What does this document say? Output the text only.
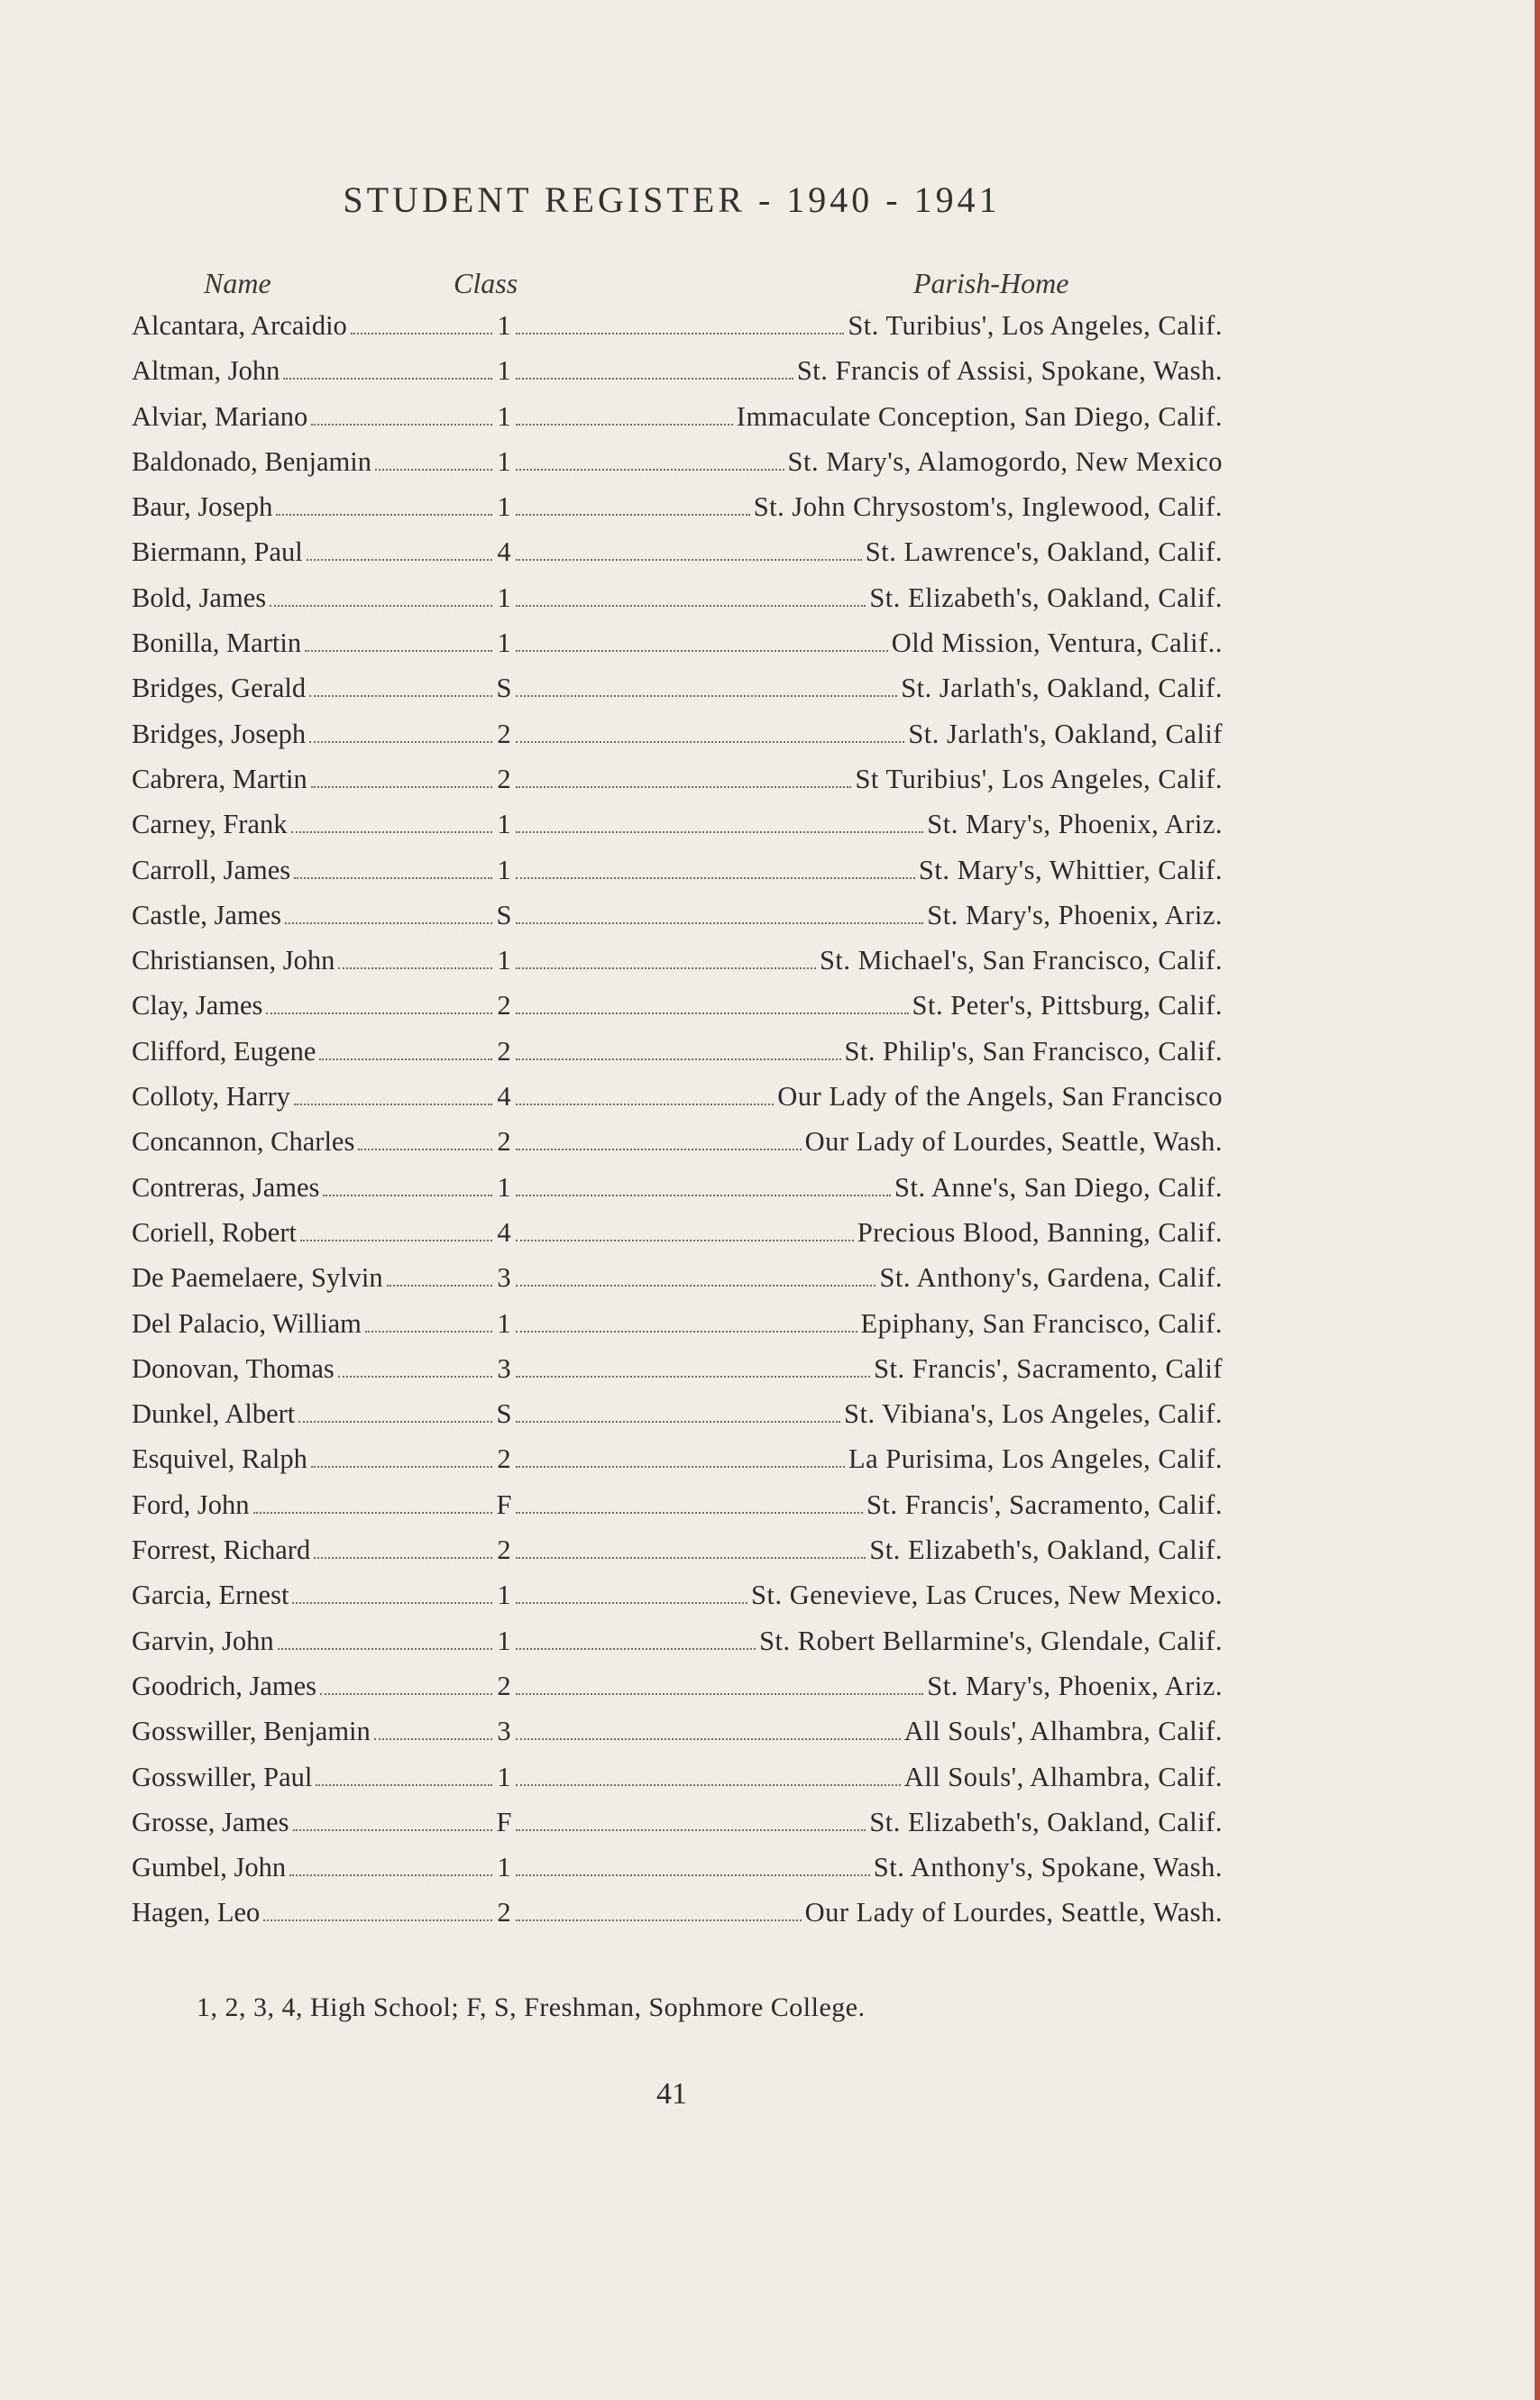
STUDENT REGISTER - 1940 - 1941
Name	Class	Parish-Home
Alcantara, Arcaidio	1	St. Turibius', Los Angeles, Calif.
Altman, John	1	St. Francis of Assisi, Spokane, Wash.
Alviar, Mariano	1	Immaculate Conception, San Diego, Calif.
Baldonado, Benjamin	1	St. Mary's, Alamogordo, New Mexico
Baur, Joseph	1	St. John Chrysostom's, Inglewood, Calif.
Biermann, Paul	4	St. Lawrence's, Oakland, Calif.
Bold, James	1	St. Elizabeth's, Oakland, Calif.
Bonilla, Martin	1	Old Mission, Ventura, Calif..
Bridges, Gerald	S	St. Jarlath's, Oakland, Calif.
Bridges, Joseph	2	St. Jarlath's, Oakland, Calif
Cabrera, Martin	2	St Turibius', Los Angeles, Calif.
Carney, Frank	1	St. Mary's, Phoenix, Ariz.
Carroll, James	1	St. Mary's, Whittier, Calif.
Castle, James	S	St. Mary's, Phoenix, Ariz.
Christiansen, John	1	St. Michael's, San Francisco, Calif.
Clay, James	2	St. Peter's, Pittsburg, Calif.
Clifford, Eugene	2	St. Philip's, San Francisco, Calif.
Colloty, Harry	4	Our Lady of the Angels, San Francisco
Concannon, Charles	2	Our Lady of Lourdes, Seattle, Wash.
Contreras, James	1	St. Anne's, San Diego, Calif.
Coriell, Robert	4	Precious Blood, Banning, Calif.
De Paemelaere, Sylvin	3	St. Anthony's, Gardena, Calif.
Del Palacio, William	1	Epiphany, San Francisco, Calif.
Donovan, Thomas	3	St. Francis', Sacramento, Calif
Dunkel, Albert	S	St. Vibiana's, Los Angeles, Calif.
Esquivel, Ralph	2	La Purisima, Los Angeles, Calif.
Ford, John	F	St. Francis', Sacramento, Calif.
Forrest, Richard	2	St. Elizabeth's, Oakland, Calif.
Garcia, Ernest	1	St. Genevieve, Las Cruces, New Mexico.
Garvin, John	1	St. Robert Bellarmine's, Glendale, Calif.
Goodrich, James	2	St. Mary's, Phoenix, Ariz.
Gosswiller, Benjamin	3	All Souls', Alhambra, Calif.
Gosswiller, Paul	1	All Souls', Alhambra, Calif.
Grosse, James	F	St. Elizabeth's, Oakland, Calif.
Gumbel, John	1	St. Anthony's, Spokane, Wash.
Hagen, Leo	2	Our Lady of Lourdes, Seattle, Wash.
1, 2, 3, 4, High School; F, S, Freshman, Sophmore College.
41
